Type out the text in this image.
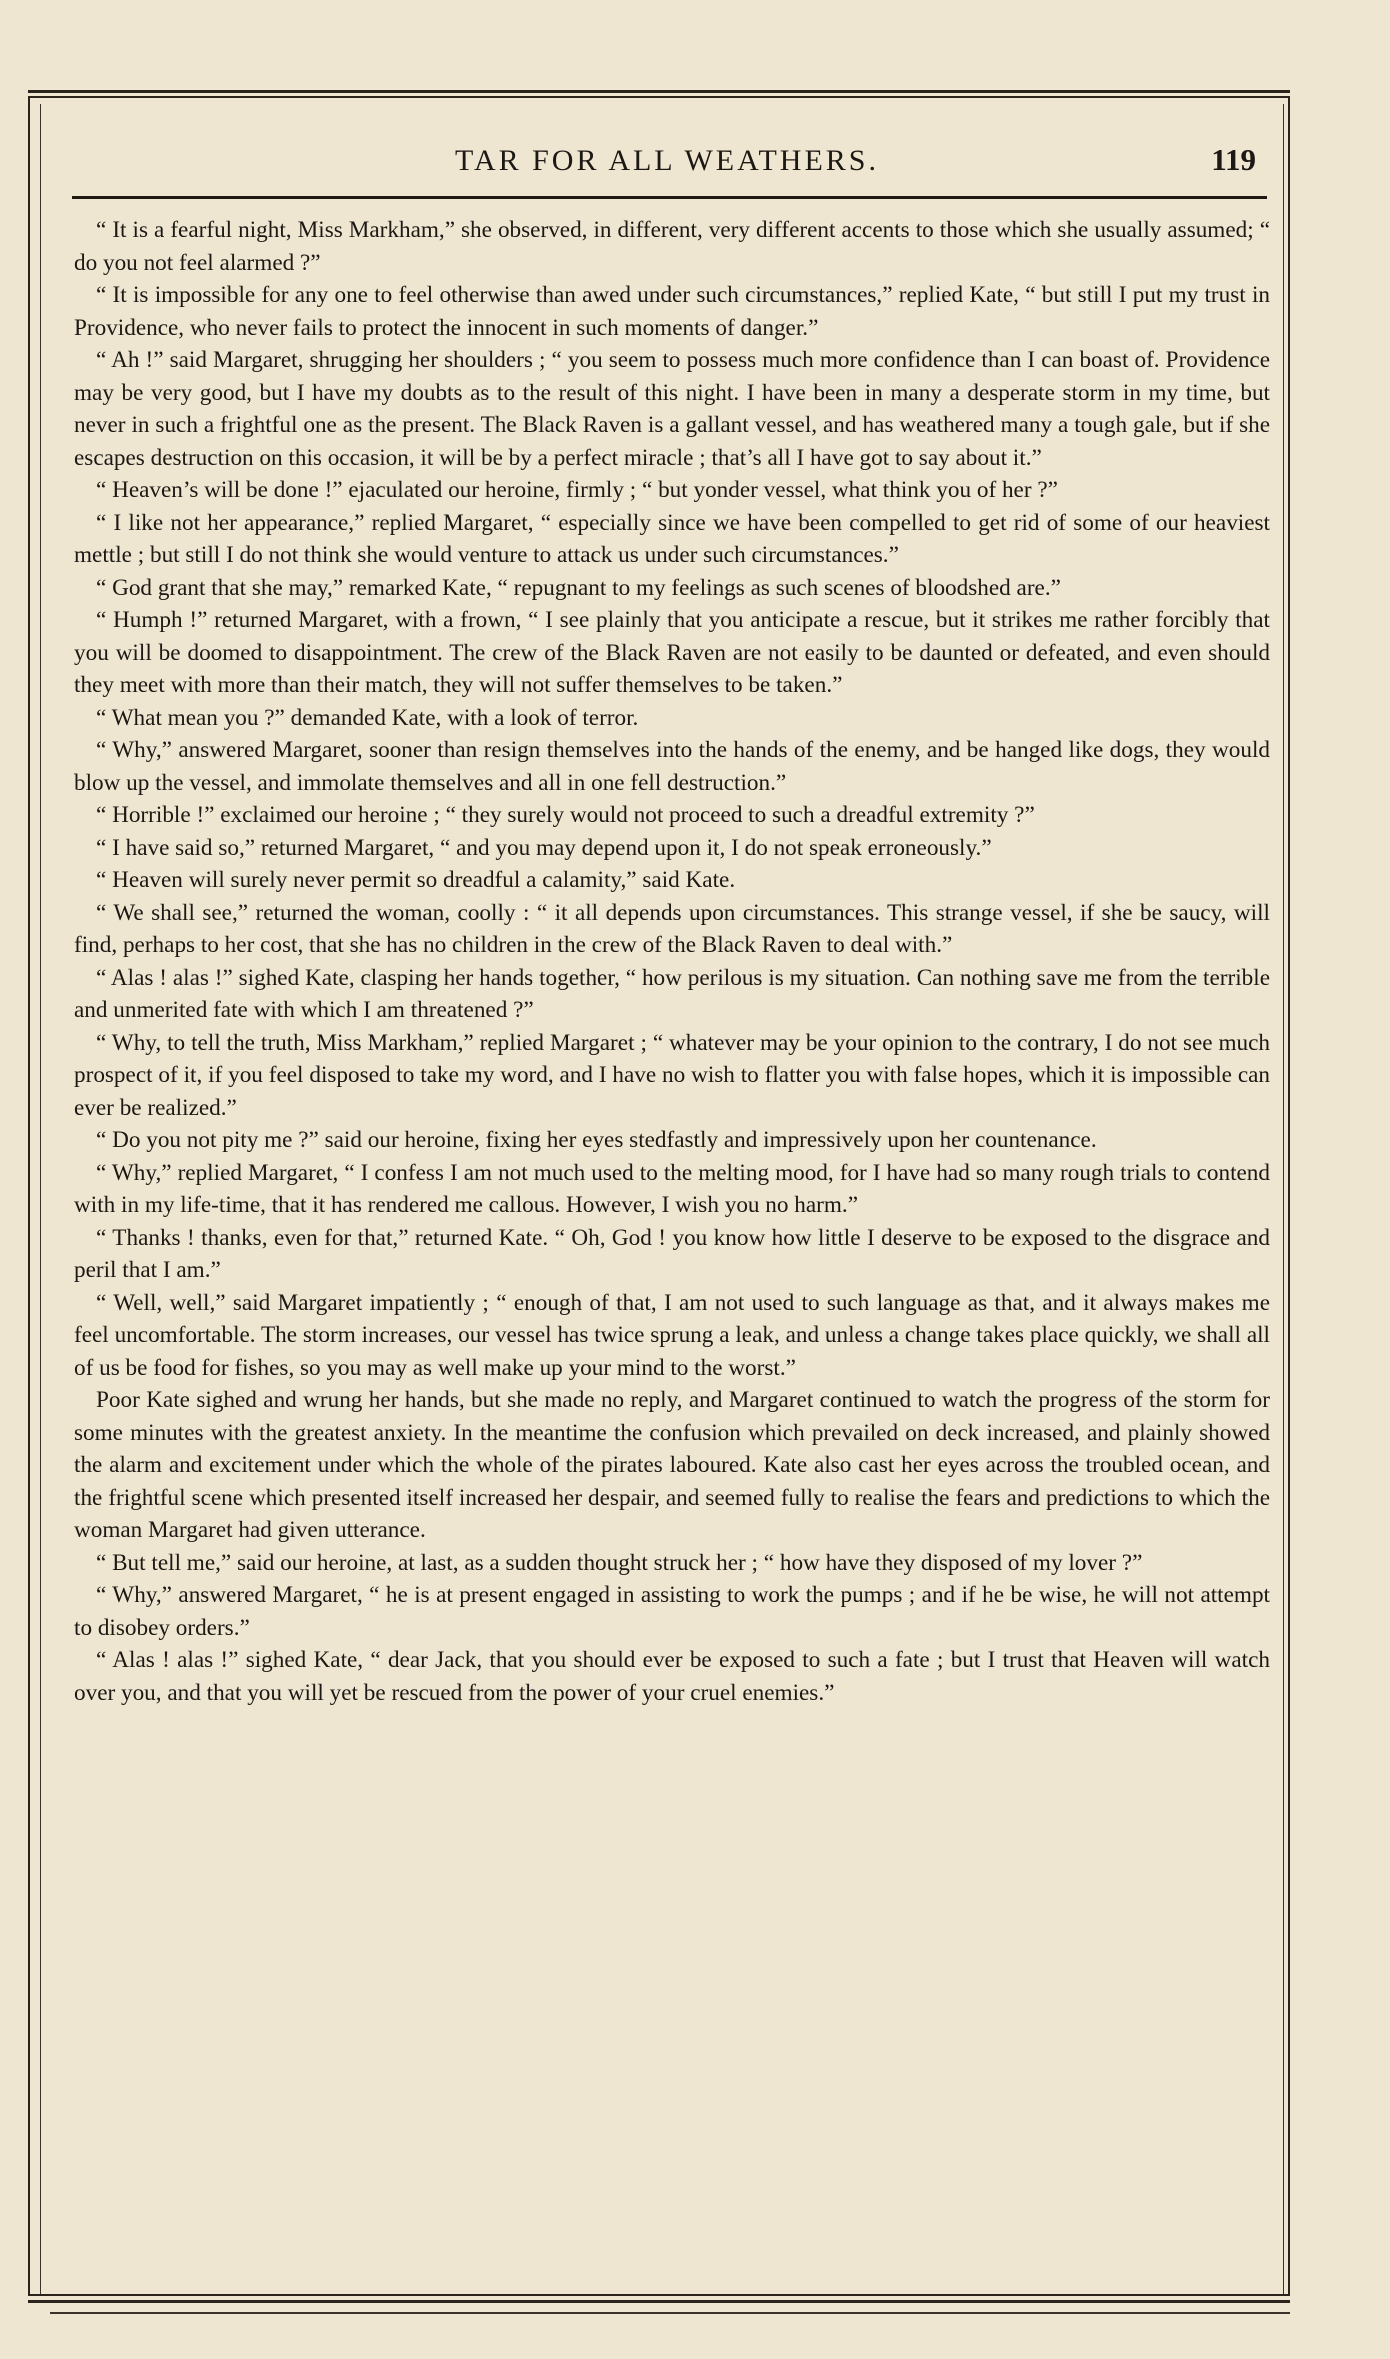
TAR FOR ALL WEATHERS.	119

“ It is a fearful night, Miss Markham,” she observed, in different, very different accents to those which she usually assumed; “ do you not feel alarmed ?”

“ It is impossible for any one to feel otherwise than awed under such circumstances,” replied Kate, “ but still I put my trust in Providence, who never fails to protect the innocent in such moments of danger.”

“ Ah !” said Margaret, shrugging her shoulders ; “ you seem to possess much more confidence than I can boast of. Providence may be very good, but I have my doubts as to the result of this night. I have been in many a desperate storm in my time, but never in such a frightful one as the present. The Black Raven is a gallant vessel, and has weathered many a tough gale, but if she escapes destruction on this occasion, it will be by a perfect miracle ; that’s all I have got to say about it.”

“ Heaven’s will be done !” ejaculated our heroine, firmly ; “ but yonder vessel, what think you of her ?”

“ I like not her appearance,” replied Margaret, “ especially since we have been compelled to get rid of some of our heaviest mettle ; but still I do not think she would venture to attack us under such circumstances.”

“ God grant that she may,” remarked Kate, “ repugnant to my feelings as such scenes of bloodshed are.”

“ Humph !” returned Margaret, with a frown, “ I see plainly that you anticipate a rescue, but it strikes me rather forcibly that you will be doomed to disappointment. The crew of the Black Raven are not easily to be daunted or defeated, and even should they meet with more than their match, they will not suffer themselves to be taken.”

“ What mean you ?” demanded Kate, with a look of terror.

“ Why,” answered Margaret, sooner than resign themselves into the hands of the enemy, and be hanged like dogs, they would blow up the vessel, and immolate themselves and all in one fell destruction.”

“ Horrible !” exclaimed our heroine ; “ they surely would not proceed to such a dreadful extremity ?”

“ I have said so,” returned Margaret, “ and you may depend upon it, I do not speak erroneously.”

“ Heaven will surely never permit so dreadful a calamity,” said Kate.

“ We shall see,” returned the woman, coolly : “ it all depends upon circumstances. This strange vessel, if she be saucy, will find, perhaps to her cost, that she has no children in the crew of the Black Raven to deal with.”

“ Alas ! alas !” sighed Kate, clasping her hands together, “ how perilous is my situation. Can nothing save me from the terrible and unmerited fate with which I am threatened ?”

“ Why, to tell the truth, Miss Markham,” replied Margaret ; “ whatever may be your opinion to the contrary, I do not see much prospect of it, if you feel disposed to take my word, and I have no wish to flatter you with false hopes, which it is impossible can ever be realized.”

“ Do you not pity me ?” said our heroine, fixing her eyes stedfastly and impressively upon her countenance.

“ Why,” replied Margaret, “ I confess I am not much used to the melting mood, for I have had so many rough trials to contend with in my life-time, that it has rendered me callous. However, I wish you no harm.”

“ Thanks ! thanks, even for that,” returned Kate. “ Oh, God ! you know how little I deserve to be exposed to the disgrace and peril that I am.”

“ Well, well,” said Margaret impatiently ; “ enough of that, I am not used to such language as that, and it always makes me feel uncomfortable. The storm increases, our vessel has twice sprung a leak, and unless a change takes place quickly, we shall all of us be food for fishes, so you may as well make up your mind to the worst.”

Poor Kate sighed and wrung her hands, but she made no reply, and Margaret continued to watch the progress of the storm for some minutes with the greatest anxiety. In the meantime the confusion which prevailed on deck increased, and plainly showed the alarm and excitement under which the whole of the pirates laboured. Kate also cast her eyes across the troubled ocean, and the frightful scene which presented itself increased her despair, and seemed fully to realise the fears and predictions to which the woman Margaret had given utterance.

“ But tell me,” said our heroine, at last, as a sudden thought struck her ; “ how have they disposed of my lover ?”

“ Why,” answered Margaret, “ he is at present engaged in assisting to work the pumps ; and if he be wise, he will not attempt to disobey orders.”

“ Alas ! alas !” sighed Kate, “ dear Jack, that you should ever be exposed to such a fate ; but I trust that Heaven will watch over you, and that you will yet be rescued from the power of your cruel enemies.”
